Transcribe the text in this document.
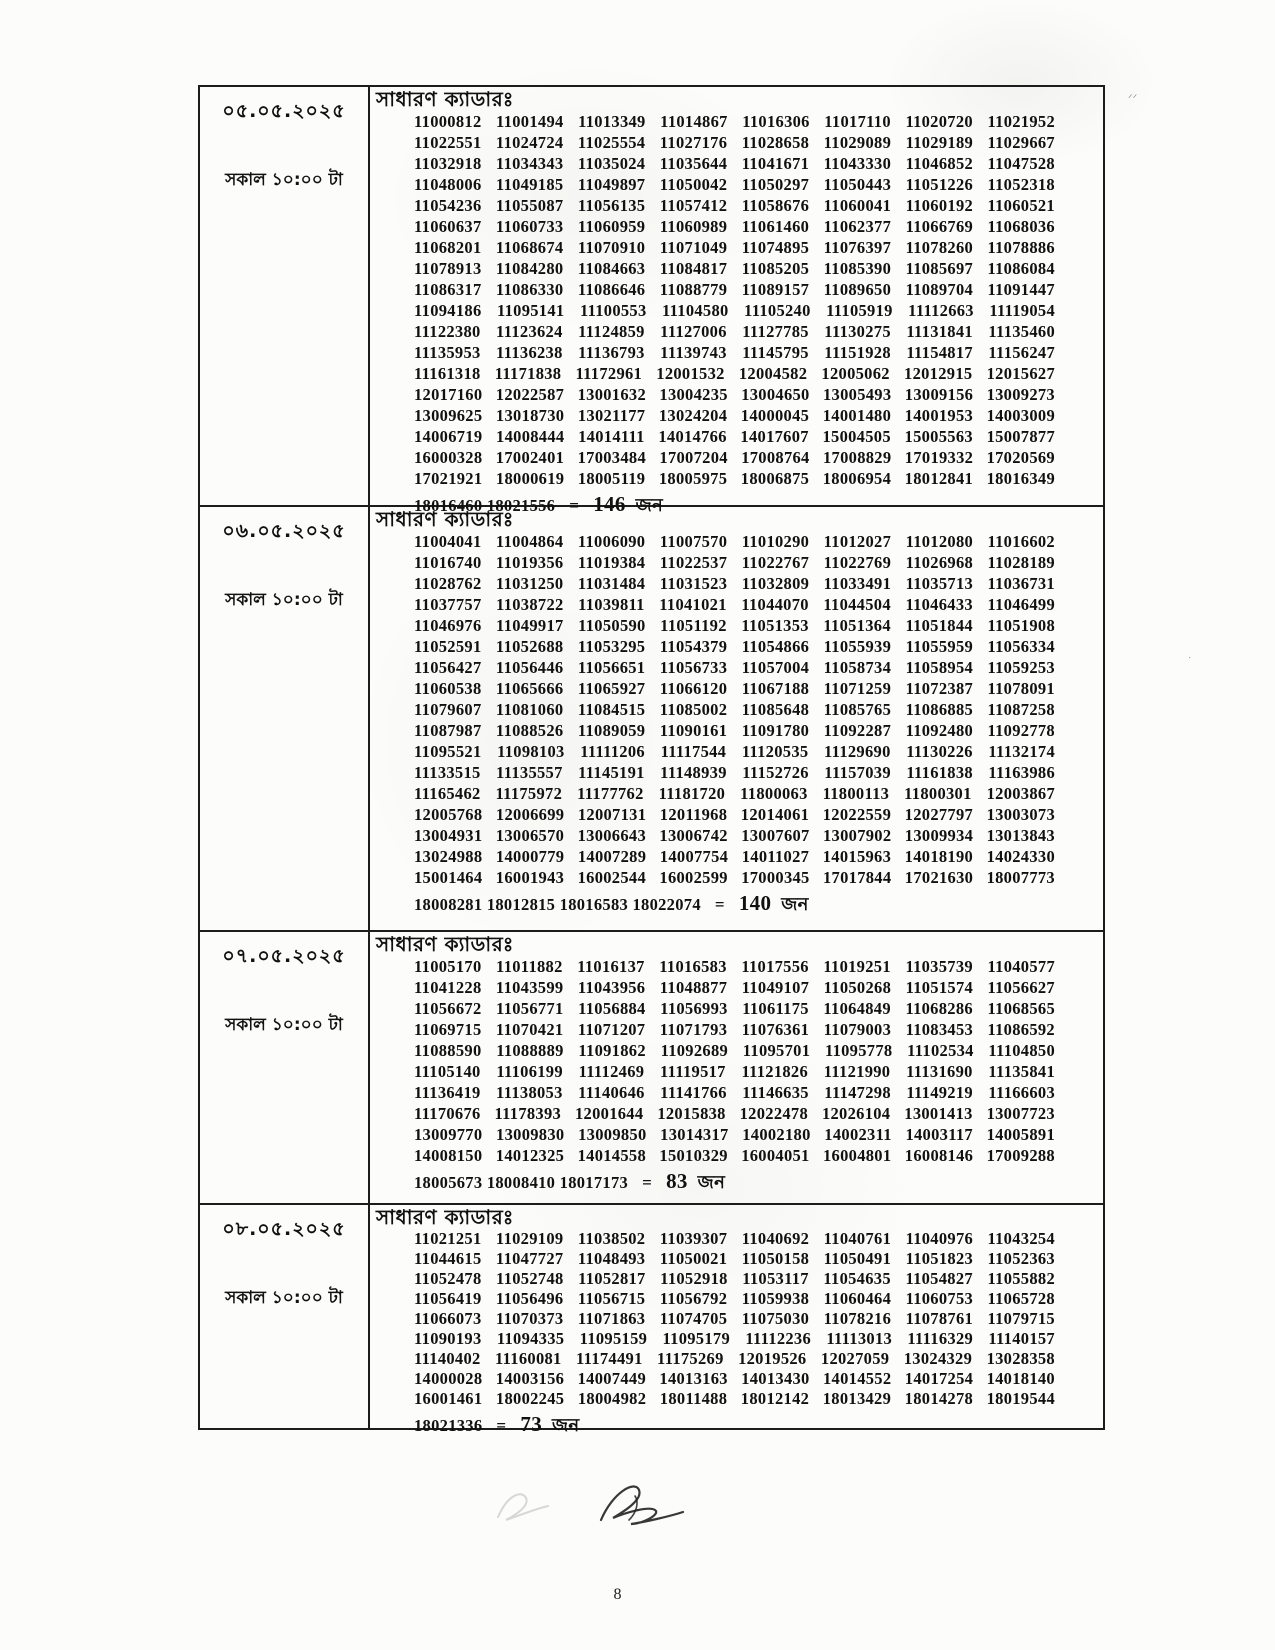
০৫.০৫.২০২৫
সকাল ১০:০০ টা
সাধারণ ক্যাডারঃ
11000812 11001494 11013349 11014867 11016306 11017110 11020720 11021952
11022551 11024724 11025554 11027176 11028658 11029089 11029189 11029667
11032918 11034343 11035024 11035644 11041671 11043330 11046852 11047528
11048006 11049185 11049897 11050042 11050297 11050443 11051226 11052318
11054236 11055087 11056135 11057412 11058676 11060041 11060192 11060521
11060637 11060733 11060959 11060989 11061460 11062377 11066769 11068036
11068201 11068674 11070910 11071049 11074895 11076397 11078260 11078886
11078913 11084280 11084663 11084817 11085205 11085390 11085697 11086084
11086317 11086330 11086646 11088779 11089157 11089650 11089704 11091447
11094186 11095141 11100553 11104580 11105240 11105919 11112663 11119054
11122380 11123624 11124859 11127006 11127785 11130275 11131841 11135460
11135953 11136238 11136793 11139743 11145795 11151928 11154817 11156247
11161318 11171838 11172961 12001532 12004582 12005062 12012915 12015627
12017160 12022587 13001632 13004235 13004650 13005493 13009156 13009273
13009625 13018730 13021177 13024204 14000045 14001480 14001953 14003009
14006719 14008444 14014111 14014766 14017607 15004505 15005563 15007877
16000328 17002401 17003484 17007204 17008764 17008829 17019332 17020569
17021921 18000619 18005119 18005975 18006875 18006954 18012841 18016349
18016460 18021556 = 146 জন
০৬.০৫.২০২৫
সকাল ১০:০০ টা
সাধারণ ক্যাডারঃ
11004041 11004864 11006090 11007570 11010290 11012027 11012080 11016602
11016740 11019356 11019384 11022537 11022767 11022769 11026968 11028189
11028762 11031250 11031484 11031523 11032809 11033491 11035713 11036731
11037757 11038722 11039811 11041021 11044070 11044504 11046433 11046499
11046976 11049917 11050590 11051192 11051353 11051364 11051844 11051908
11052591 11052688 11053295 11054379 11054866 11055939 11055959 11056334
11056427 11056446 11056651 11056733 11057004 11058734 11058954 11059253
11060538 11065666 11065927 11066120 11067188 11071259 11072387 11078091
11079607 11081060 11084515 11085002 11085648 11085765 11086885 11087258
11087987 11088526 11089059 11090161 11091780 11092287 11092480 11092778
11095521 11098103 11111206 11117544 11120535 11129690 11130226 11132174
11133515 11135557 11145191 11148939 11152726 11157039 11161838 11163986
11165462 11175972 11177762 11181720 11800063 11800113 11800301 12003867
12005768 12006699 12007131 12011968 12014061 12022559 12027797 13003073
13004931 13006570 13006643 13006742 13007607 13007902 13009934 13013843
13024988 14000779 14007289 14007754 14011027 14015963 14018190 14024330
15001464 16001943 16002544 16002599 17000345 17017844 17021630 18007773
18008281 18012815 18016583 18022074 = 140 জন
০৭.০৫.২০২৫
সকাল ১০:০০ টা
সাধারণ ক্যাডারঃ
11005170 11011882 11016137 11016583 11017556 11019251 11035739 11040577
11041228 11043599 11043956 11048877 11049107 11050268 11051574 11056627
11056672 11056771 11056884 11056993 11061175 11064849 11068286 11068565
11069715 11070421 11071207 11071793 11076361 11079003 11083453 11086592
11088590 11088889 11091862 11092689 11095701 11095778 11102534 11104850
11105140 11106199 11112469 11119517 11121826 11121990 11131690 11135841
11136419 11138053 11140646 11141766 11146635 11147298 11149219 11166603
11170676 11178393 12001644 12015838 12022478 12026104 13001413 13007723
13009770 13009830 13009850 13014317 14002180 14002311 14003117 14005891
14008150 14012325 14014558 15010329 16004051 16004801 16008146 17009288
18005673 18008410 18017173 = 83 জন
০৮.০৫.২০২৫
সকাল ১০:০০ টা
সাধারণ ক্যাডারঃ
11021251 11029109 11038502 11039307 11040692 11040761 11040976 11043254
11044615 11047727 11048493 11050021 11050158 11050491 11051823 11052363
11052478 11052748 11052817 11052918 11053117 11054635 11054827 11055882
11056419 11056496 11056715 11056792 11059938 11060464 11060753 11065728
11066073 11070373 11071863 11074705 11075030 11078216 11078761 11079715
11090193 11094335 11095159 11095179 11112236 11113013 11116329 11140157
11140402 11160081 11174491 11175269 12019526 12027059 13024329 13028358
14000028 14003156 14007449 14013163 14013430 14014552 14017254 14018140
16001461 18002245 18004982 18011488 18012142 18013429 18014278 18019544
18021336 = 73 জন
ᐟᐟ
ᐝ
8
